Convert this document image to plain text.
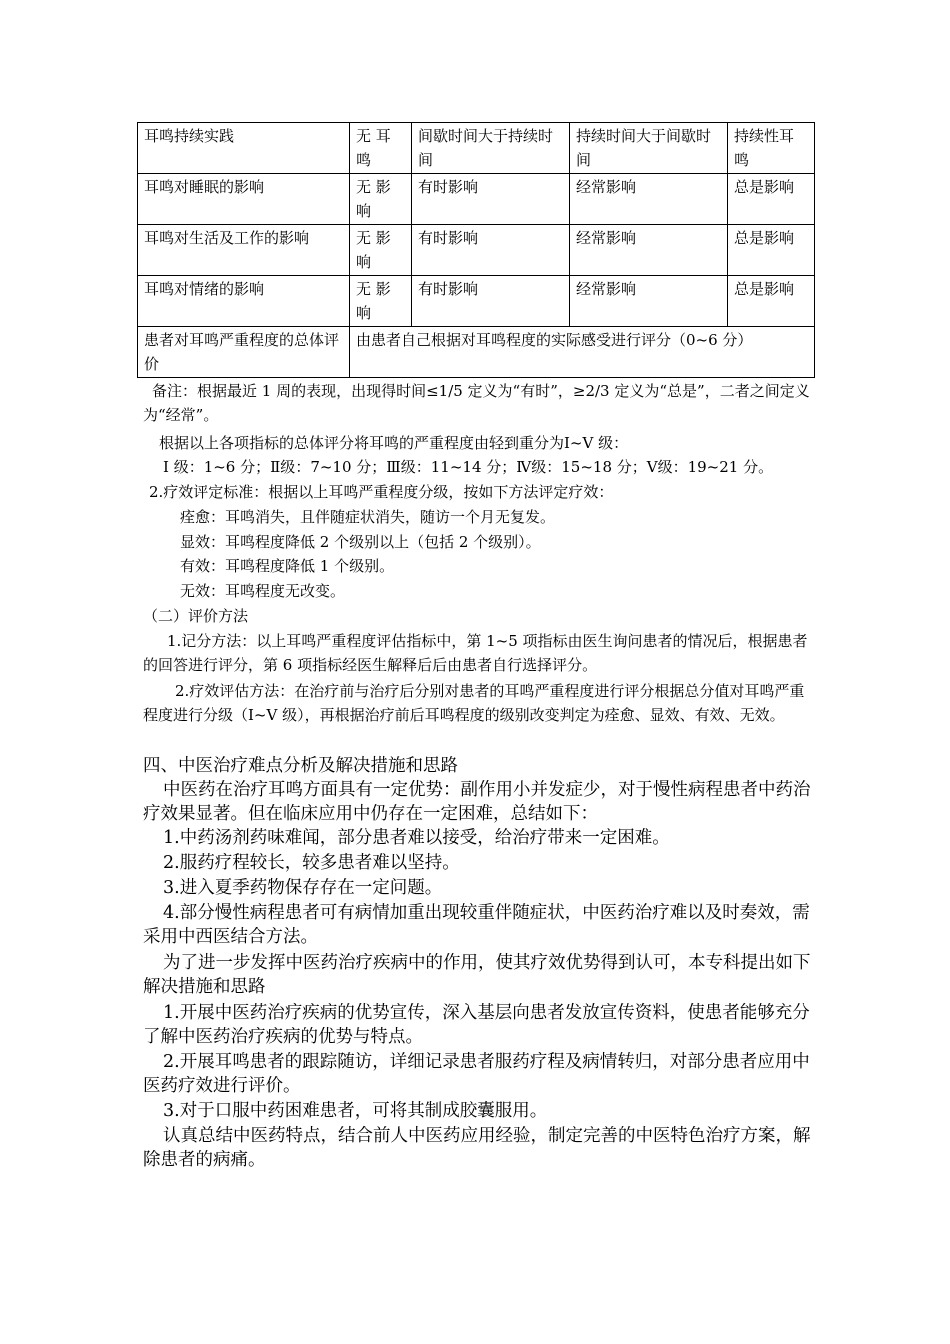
耳鸣持续实践	无 耳鸣	间歇时间大于持续时间	持续时间大于间歇时间	持续性耳鸣
耳鸣对睡眠的影响	无 影响	有时影响	经常影响	总是影响
耳鸣对生活及工作的影响	无 影响	有时影响	经常影响	总是影响
耳鸣对情绪的影响	无 影响	有时影响	经常影响	总是影响
患者对耳鸣严重程度的总体评价	由患者自己根据对耳鸣程度的实际感受进行评分（0~6 分）			

备注：根据最近 1 周的表现，出现得时间≤1/5 定义为“有时”，≥2/3 定义为“总是”，二者之间定义为“经常”。

根据以上各项指标的总体评分将耳鸣的严重程度由轻到重分为Ⅰ~Ⅴ 级：

Ⅰ 级：1~6 分；Ⅱ级：7~10 分；Ⅲ级：11~14 分；Ⅳ级：15~18 分；Ⅴ级：19~21 分。

2.疗效评定标准：根据以上耳鸣严重程度分级，按如下方法评定疗效：

痊愈：耳鸣消失，且伴随症状消失，随访一个月无复发。

显效：耳鸣程度降低 2 个级别以上（包括 2 个级别）。

有效：耳鸣程度降低 1 个级别。

无效：耳鸣程度无改变。

（二）评价方法

1.记分方法：以上耳鸣严重程度评估指标中，第 1~5 项指标由医生询问患者的情况后，根据患者的回答进行评分，第 6 项指标经医生解释后后由患者自行选择评分。

2.疗效评估方法：在治疗前与治疗后分别对患者的耳鸣严重程度进行评分根据总分值对耳鸣严重程度进行分级（Ⅰ~Ⅴ 级），再根据治疗前后耳鸣程度的级别改变判定为痊愈、显效、有效、无效。

四、中医治疗难点分析及解决措施和思路

中医药在治疗耳鸣方面具有一定优势：副作用小并发症少，对于慢性病程患者中药治疗效果显著。但在临床应用中仍存在一定困难，总结如下：

1.中药汤剂药味难闻，部分患者难以接受，给治疗带来一定困难。

2.服药疗程较长，较多患者难以坚持。

3.进入夏季药物保存存在一定问题。

4.部分慢性病程患者可有病情加重出现较重伴随症状，中医药治疗难以及时奏效，需采用中西医结合方法。

为了进一步发挥中医药治疗疾病中的作用，使其疗效优势得到认可，本专科提出如下解决措施和思路

1.开展中医药治疗疾病的优势宣传，深入基层向患者发放宣传资料，使患者能够充分了解中医药治疗疾病的优势与特点。

2.开展耳鸣患者的跟踪随访，详细记录患者服药疗程及病情转归，对部分患者应用中医药疗效进行评价。

3.对于口服中药困难患者，可将其制成胶囊服用。

认真总结中医药特点，结合前人中医药应用经验，制定完善的中医特色治疗方案，解除患者的病痛。
